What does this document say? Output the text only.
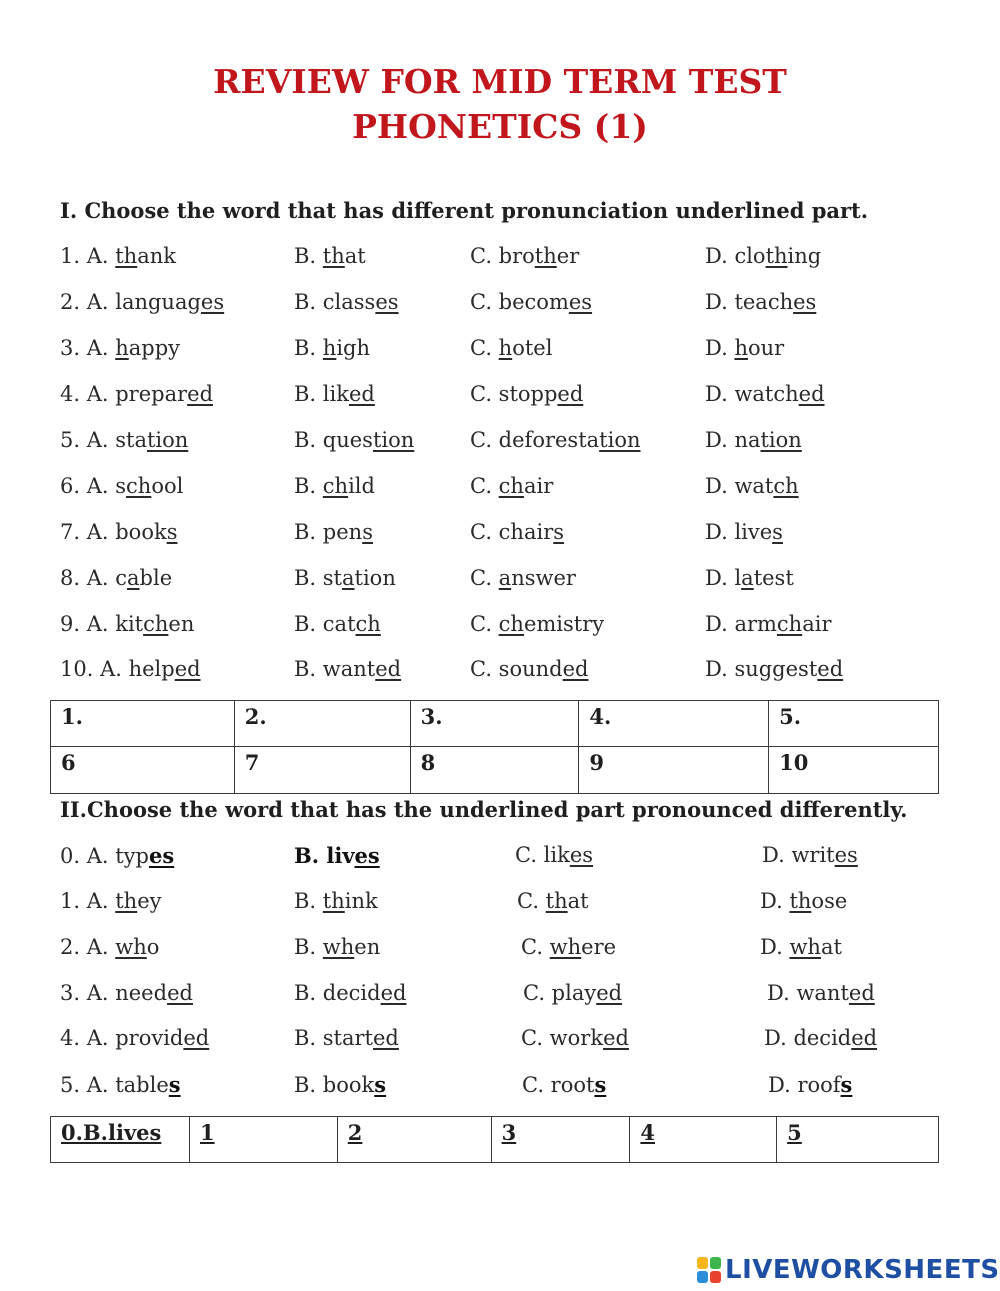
REVIEW FOR MID TERM TEST
PHONETICS (1)
I. Choose the word that has different pronunciation underlined part.
1. A. thank	B. that	C. brother	D. clothing
2. A. languages	B. classes	C. becomes	D. teaches
3. A. happy	B. high	C. hotel	D. hour
4. A. prepared	B. liked	C. stopped	D. watched
5. A. station	B. question	C. deforestation	D. nation
6. A. school	B. child	C. chair	D. watch
7. A. books	B. pens	C. chairs	D. lives
8. A. cable	B. station	C. answer	D. latest
9. A. kitchen	B. catch	C. chemistry	D. armchair
10. A. helped	B. wanted	C. sounded	D. suggested
1.	2.	3.	4.	5.
6	7	8	9	10
II.Choose the word that has the underlined part pronounced differently.
0. A. types	B. lives	C. likes	D. writes
1. A. they	B. think	C. that	D. those
2. A. who	B. when	C. where	D. what
3. A. needed	B. decided	C. played	D. wanted
4. A. provided	B. started	C. worked	D. decided
5. A. tables	B. books	C. roots	D. roofs
0.B.lives	1	2	3	4	5
LIVEWORKSHEETS
